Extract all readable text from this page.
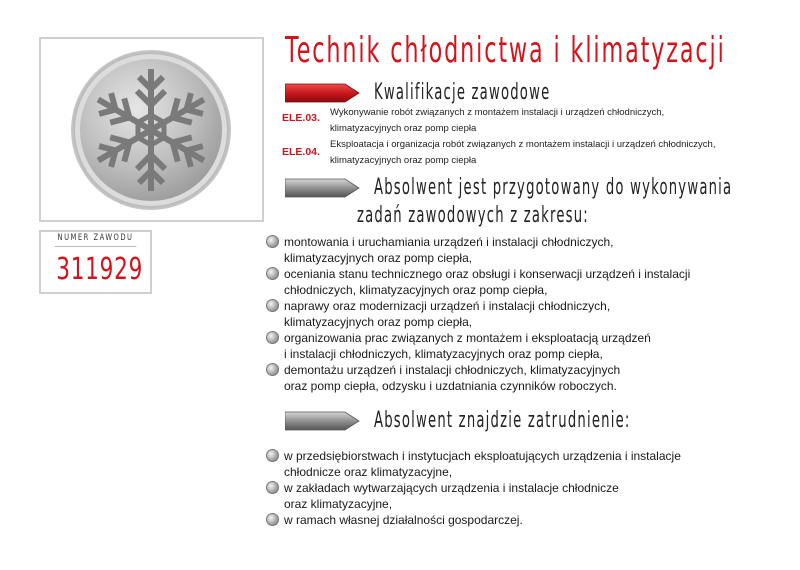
NUMER ZAWODU
311929
Technik chłodnictwa i klimatyzacji
Kwalifikacje zawodowe
ELE.03. Wykonywanie robót związanych z montażem instalacji i urządzeń chłodniczych,
klimatyzacyjnych oraz pomp ciepła
ELE.04.
Eksploatacja i organizacja robót związanych z montażem instalacji i urządzeń chłodniczych,
klimatyzacyjnych oraz pomp ciepła
Absolwent jest przygotowany do wykonywania
zadań zawodowych z zakresu:
montowania i uruchamiania urządzeń i instalacji chłodniczych,
klimatyzacyjnych oraz pomp ciepła,
oceniania stanu technicznego oraz obsługi i konserwacji urządzeń i instalacji
chłodniczych, klimatyzacyjnych oraz pomp ciepła,
naprawy oraz modernizacji urządzeń i instalacji chłodniczych,
klimatyzacyjnych oraz pomp ciepła,
organizowania prac związanych z montażem i eksploatacją urządzeń
i instalacji chłodniczych, klimatyzacyjnych oraz pomp ciepła,
demontażu urządzeń i instalacji chłodniczych, klimatyzacyjnych
oraz pomp ciepła, odzysku i uzdatniania czynników roboczych.
Absolwent znajdzie zatrudnienie:
w przedsiębiorstwach i instytucjach eksploatujących urządzenia i instalacje
chłodnicze oraz klimatyzacyjne,
w zakładach wytwarzających urządzenia i instalacje chłodnicze
oraz klimatyzacyjne,
w ramach własnej działalności gospodarczej.
